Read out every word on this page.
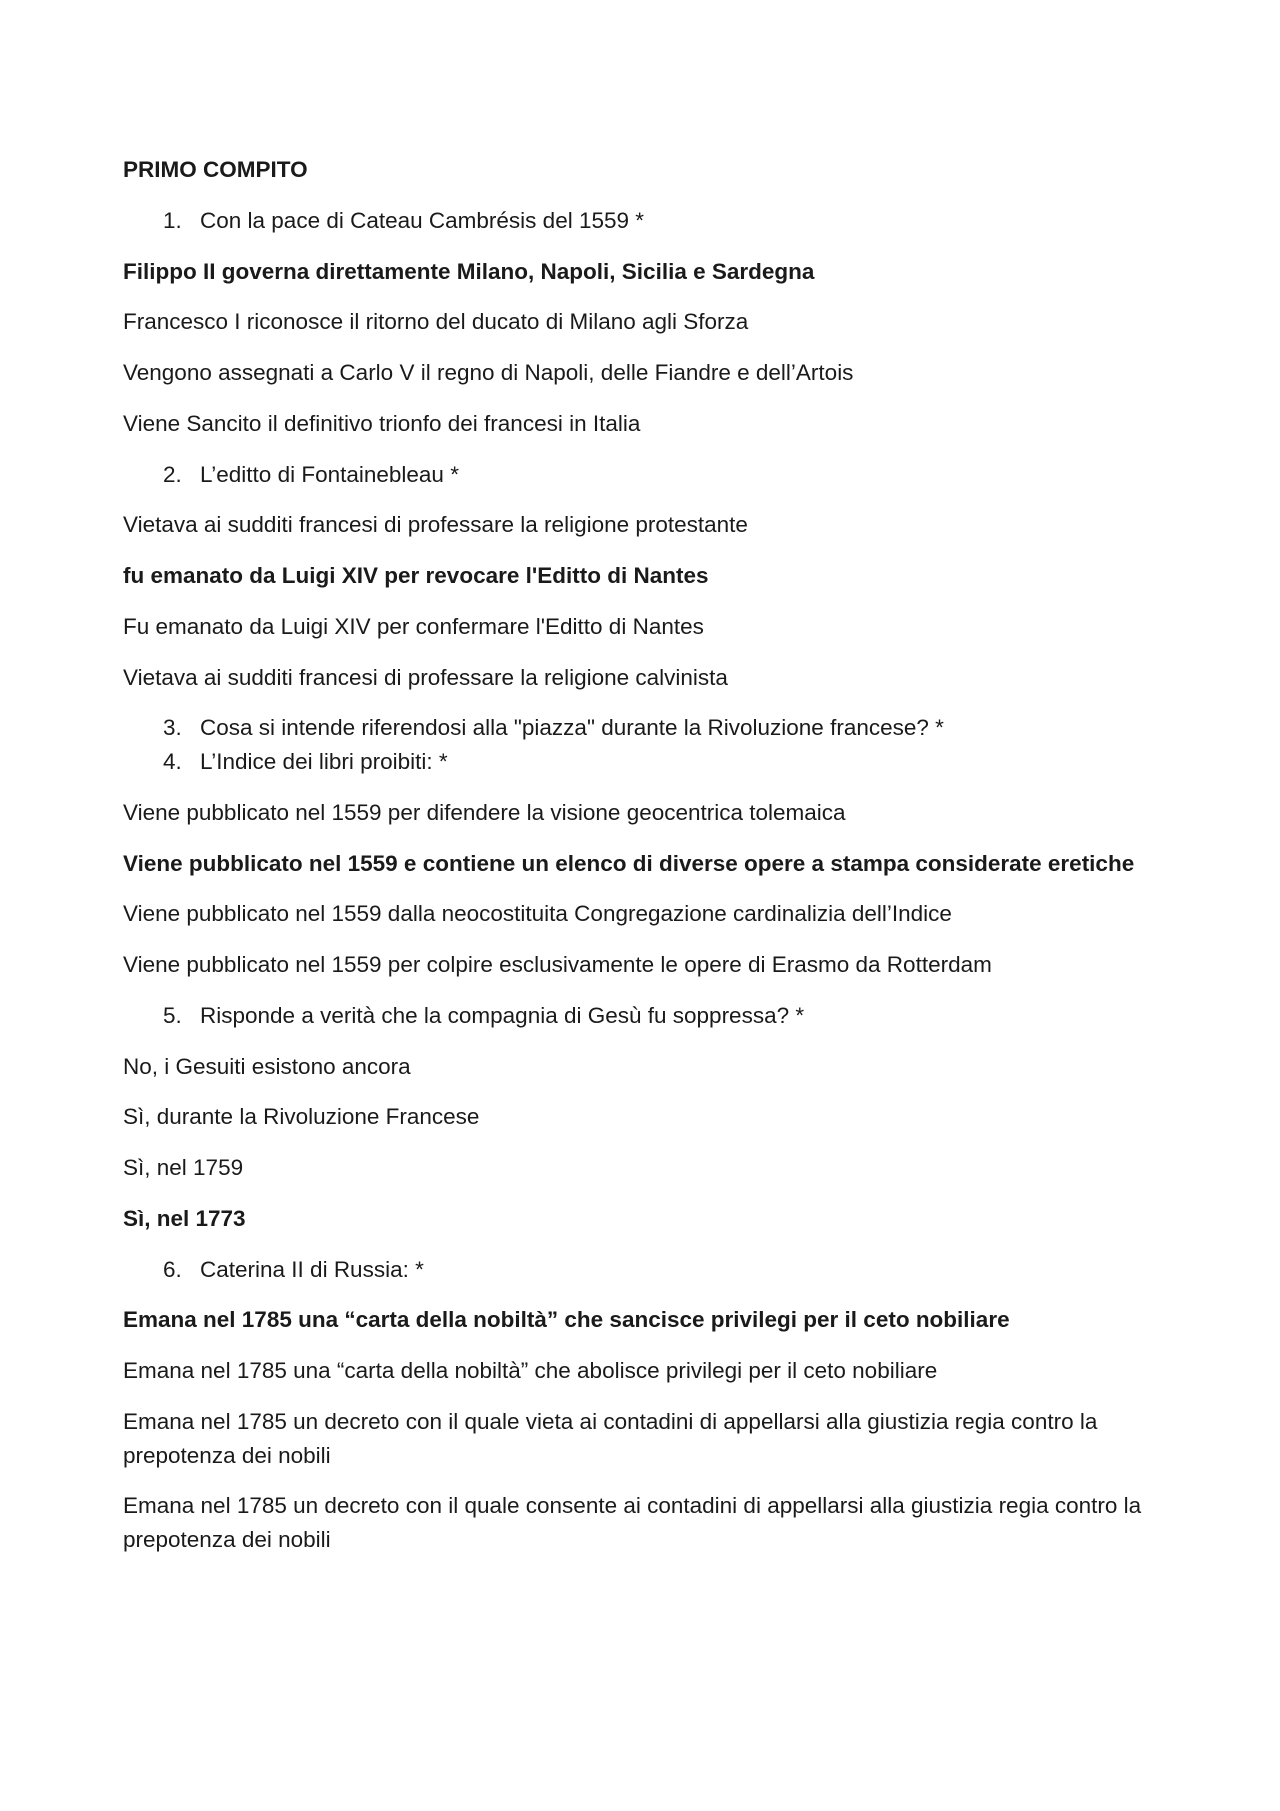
PRIMO COMPITO

1. Con la pace di Cateau Cambrésis del 1559 *

Filippo II governa direttamente Milano, Napoli, Sicilia e Sardegna

Francesco I riconosce il ritorno del ducato di Milano agli Sforza

Vengono assegnati a Carlo V il regno di Napoli, delle Fiandre e dell’Artois

Viene Sancito il definitivo trionfo dei francesi in Italia

2. L’editto di Fontainebleau *

Vietava ai sudditi francesi di professare la religione protestante

fu emanato da Luigi XIV per revocare l'Editto di Nantes

Fu emanato da Luigi XIV per confermare l'Editto di Nantes

Vietava ai sudditi francesi di professare la religione calvinista

3. Cosa si intende riferendosi alla "piazza" durante la Rivoluzione francese? *
4. L’Indice dei libri proibiti: *

Viene pubblicato nel 1559 per difendere la visione geocentrica tolemaica

Viene pubblicato nel 1559 e contiene un elenco di diverse opere a stampa considerate eretiche

Viene pubblicato nel 1559 dalla neocostituita Congregazione cardinalizia dell’Indice

Viene pubblicato nel 1559 per colpire esclusivamente le opere di Erasmo da Rotterdam

5. Risponde a verità che la compagnia di Gesù fu soppressa? *

No, i Gesuiti esistono ancora

Sì, durante la Rivoluzione Francese

Sì, nel 1759

Sì, nel 1773

6. Caterina II di Russia: *

Emana nel 1785 una “carta della nobiltà” che sancisce privilegi per il ceto nobiliare

Emana nel 1785 una “carta della nobiltà” che abolisce privilegi per il ceto nobiliare

Emana nel 1785 un decreto con il quale vieta ai contadini di appellarsi alla giustizia regia contro la prepotenza dei nobili

Emana nel 1785 un decreto con il quale consente ai contadini di appellarsi alla giustizia regia contro la prepotenza dei nobili
